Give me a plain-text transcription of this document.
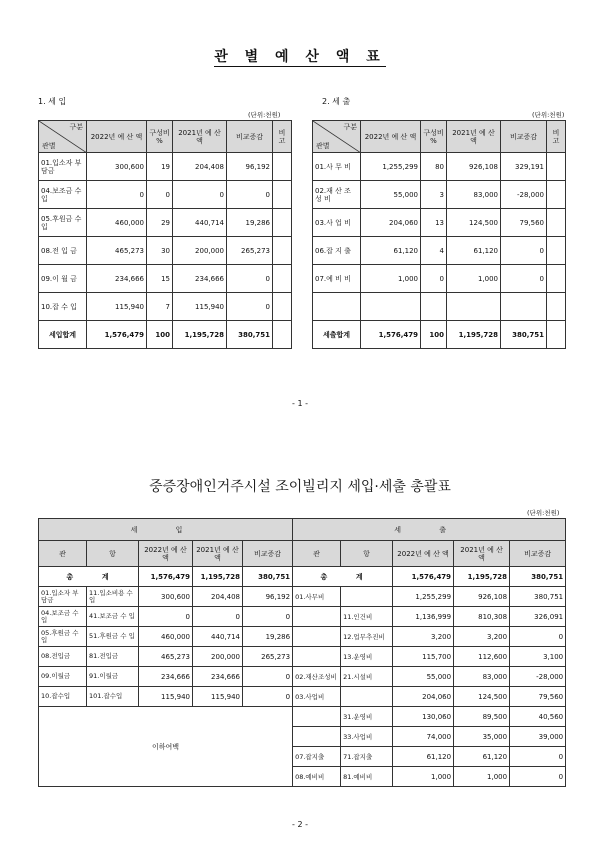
관 별 예 산 액 표
1. 세 입
(단위:천원)
2. 세 출
(단위:천원)
구분
관별	2022년 예 산 액	구성비 %	2021년 예 산 액	비교증감	비 고
01.입소자 부담금	300,600	19	204,408	96,192	
04.보조금 수 입	0	0	0	0	
05.후원금 수 입	460,000	29	440,714	19,286	
08.전 입 금	465,273	30	200,000	265,273	
09.이 월 금	234,666	15	234,666	0	
10.잡 수 입	115,940	7	115,940	0	
세입합계	1,576,479	100	1,195,728	380,751	
구분
관별	2022년 예 산 액	구성비 %	2021년 예 산 액	비교증감	비 고
01.사 무 비	1,255,299	80	926,108	329,191	
02.재 산 조 성 비	55,000	3	83,000	-28,000	
03.사 업 비	204,060	13	124,500	79,560	
06.잡 지 출	61,120	4	61,120	0	
07.예 비 비	1,000	0	1,000	0	

세출합계	1,576,479	100	1,195,728	380,751	
- 1 -
중증장애인거주시설 조이빌리지 세입·세출 총괄표
(단위:천원)
세 입					세 출				
관	항	2022년 예 산 액	2021년 예 산 액	비교증감	관	항	2022년 예 산 액	2021년 예 산 액	비교증감
총 계		1,576,479	1,195,728	380,751	총 계		1,576,479	1,195,728	380,751
01.입소자 부담금	11.입소비용 수 입	300,600	204,408	96,192	01.사무비		1,255,299	926,108	380,751
04.보조금 수 입	41.보조금 수 입	0	0	0		11.인건비	1,136,999	810,308	326,091
05.후원금 수 입	51.후원금 수 입	460,000	440,714	19,286		12.업무추진비	3,200	3,200	0
08.전입금	81.전입금	465,273	200,000	265,273		13.운영비	115,700	112,600	3,100
09.이월금	91.이월금	234,666	234,666	0	02.재산조성비	21.시설비	55,000	83,000	-28,000
10.잡수입	101.잡수입	115,940	115,940	0	03.사업비		204,060	124,500	79,560
이하여백						31.운영비	130,060	89,500	40,560
						33.사업비	74,000	35,000	39,000
					07.잡지출	71.잡지출	61,120	61,120	0
					08.예비비	81.예비비	1,000	1,000	0
- 2 -
